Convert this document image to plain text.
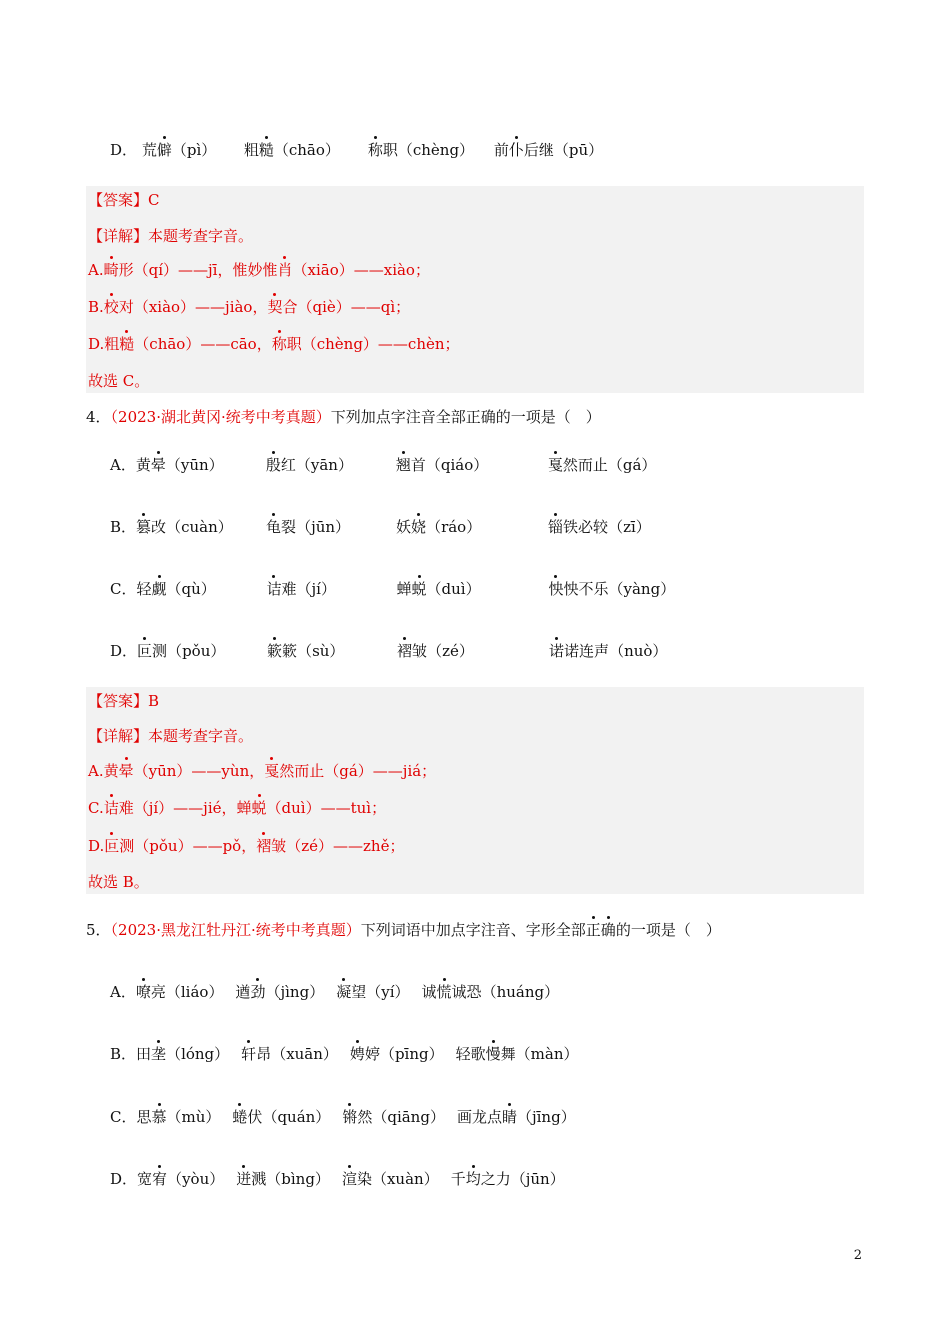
D． 荒僻（pì） 粗糙（chāo） 称职（chèng） 前仆后继（pū）
【答案】C
【详解】本题考查字音。
A.畸形（qí）——jī，惟妙惟肖（xiāo）——xiào；
B.校对（xiào）——jiào，契合（qiè）——qì；
D.粗糙（chāo）——cāo，称职（chèng）——chèn；
故选 C。
4．（2023·湖北黄冈·统考中考真题）下列加点字注音全部正确的一项是（　）
A．黄晕（yūn）	殷红（yān）	翘首（qiáo）	戛然而止（gá）
B．篡改（cuàn） 龟裂（jūn）	妖娆（ráo）	锱铁必较（zī）
C．轻觑（qù）	诘难（jí）	蝉蜕（duì）	怏怏不乐（yàng）
D．叵测（pǒu）	簌簌（sù）	褶皱（zé）	诺诺连声（nuò）
【答案】B
【详解】本题考查字音。
A.黄晕（yūn）——yùn，戛然而止（gá）——jiá；
C.诘难（jí）——jié，蝉蜕（duì）——tuì；
D.叵测（pǒu）——pǒ，褶皱（zé）——zhě；
故选 B。
5．（2023·黑龙江牡丹江·统考中考真题）下列词语中加点字注音、字形全部正确的一项是（　）
A．嘹亮（liáo） 遒劲（jìng） 凝望（yí） 诚慌诚恐（huáng）
B．田垄（lóng） 轩昂（xuān） 娉婷（pīng） 轻歌慢舞（màn）
C．思慕（mù） 蜷伏（quán） 锵然（qiāng） 画龙点睛（jīng）
D．宽宥（yòu） 迸溅（bìng） 渲染（xuàn） 千均之力（jūn）
2
